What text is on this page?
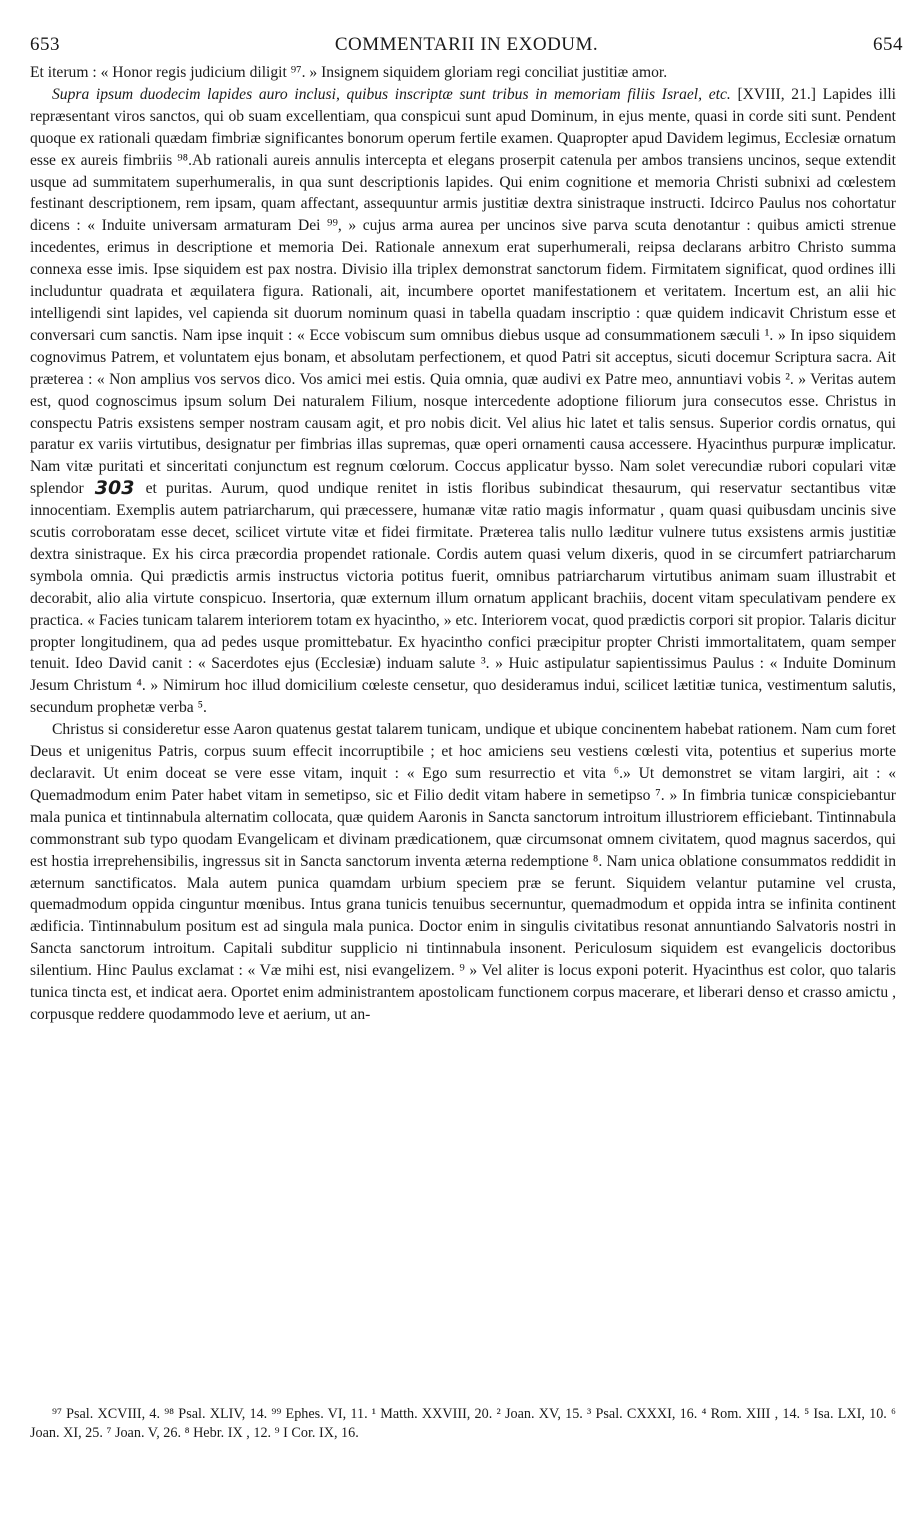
653	COMMENTARII IN EXODUM.	654

Et iterum : « Honor regis judicium diligit ⁹⁷. » Insignem siquidem gloriam regi conciliat justitiæ amor.

Supra ipsum duodecim lapides auro inclusi, quibus inscriptæ sunt tribus in memoriam filiis Israel, etc. [XVIII, 21.] Lapides illi repræsentant viros sanctos, qui ob suam excellentiam, qua conspicui sunt apud Dominum, in ejus mente, quasi in corde siti sunt. Pendent quoque ex rationali quædam fimbriæ significantes bonorum operum fertile examen. Quapropter apud Davidem legimus, Ecclesiæ ornatum esse ex aureis fimbriis ⁹⁸.Ab rationali aureis annulis intercepta et elegans proserpit catenula per ambos transiens uncinos, seque extendit usque ad summitatem superhumeralis, in qua sunt descriptionis lapides. Qui enim cognitione et memoria Christi subnixi ad cœlestem festinant descriptionem, rem ipsam, quam affectant, assequuntur armis justitiæ dextra sinistraque instructi. Idcirco Paulus nos cohortatur dicens : « Induite universam armaturam Dei ⁹⁹, » cujus arma aurea per uncinos sive parva scuta denotantur : quibus amicti strenue incedentes, erimus in descriptione et memoria Dei. Rationale annexum erat superhumerali, reipsa declarans arbitro Christo summa connexa esse imis. Ipse siquidem est pax nostra. Divisio illa triplex demonstrat sanctorum fidem. Firmitatem significat, quod ordines illi includuntur quadrata et æquilatera figura. Rationali, ait, incumbere oportet manifestationem et veritatem. Incertum est, an alii hic intelligendi sint lapides, vel capienda sit duorum nominum quasi in tabella quadam inscriptio : quæ quidem indicavit Christum esse et conversari cum sanctis. Nam ipse inquit : « Ecce vobiscum sum omnibus diebus usque ad consummationem sæculi ¹. » In ipso siquidem cognovimus Patrem, et voluntatem ejus bonam, et absolutam perfectionem, et quod Patri sit acceptus, sicuti docemur Scriptura sacra. Ait præterea : « Non amplius vos servos dico. Vos amici mei estis. Quia omnia, quæ audivi ex Patre meo, annuntiavi vobis ². » Veritas autem est, quod cognoscimus ipsum solum Dei naturalem Filium, nosque intercedente adoptione filiorum jura consecutos esse. Christus in conspectu Patris exsistens semper nostram causam agit, et pro nobis dicit. Vel alius hic latet et talis sensus. Superior cordis ornatus, qui paratur ex variis virtutibus, designatur per fimbrias illas supremas, quæ operi ornamenti causa accessere. Hyacinthus purpuræ implicatur. Nam vitæ puritati et sinceritati conjunctum est regnum cœlorum. Coccus applicatur bysso. Nam solet verecundiæ rubori copulari vitæ splendor 303 et puritas. Aurum, quod undique renitet in istis floribus subindicat thesaurum, qui reservatur sectantibus vitæ innocentiam. Exemplis autem patriarcharum, qui præcessere, humanæ vitæ ratio magis informatur , quam quasi quibusdam uncinis sive scutis corroboratam esse decet, scilicet virtute vitæ et fidei firmitate. Præterea talis nullo læditur vulnere tutus exsistens armis justitiæ dextra sinistraque. Ex his circa præcordia propendet rationale. Cordis autem quasi velum dixeris, quod in se circumfert patriarcharum symbola omnia. Qui prædictis armis instructus victoria potitus fuerit, omnibus patriarcharum virtutibus animam suam illustrabit et decorabit, alio alia virtute conspicuo. Insertoria, quæ externum illum ornatum applicant brachiis, docent vitam speculativam pendere ex practica. « Facies tunicam talarem interiorem totam ex hyacintho, » etc. Interiorem vocat, quod prædictis corpori sit propior. Talaris dicitur propter longitudinem, qua ad pedes usque promittebatur. Ex hyacintho confici præcipitur propter Christi immortalitatem, quam semper tenuit. Ideo David canit : « Sacerdotes ejus (Ecclesiæ) induam salute ³. » Huic astipulatur sapientissimus Paulus : « Induite Dominum Jesum Christum ⁴. » Nimirum hoc illud domicilium cœleste censetur, quo desideramus indui, scilicet lætitiæ tunica, vestimentum salutis, secundum prophetæ verba ⁵.

Christus si consideretur esse Aaron quatenus gestat talarem tunicam, undique et ubique concinentem habebat rationem. Nam cum foret Deus et unigenitus Patris, corpus suum effecit incorruptibile ; et hoc amiciens seu vestiens cœlesti vita, potentius et superius morte declaravit. Ut enim doceat se vere esse vitam, inquit : « Ego sum resurrectio et vita ⁶.» Ut demonstret se vitam largiri, ait : « Quemadmodum enim Pater habet vitam in semetipso, sic et Filio dedit vitam habere in semetipso ⁷. » In fimbria tunicæ conspiciebantur mala punica et tintinnabula alternatim collocata, quæ quidem Aaronis in Sancta sanctorum introitum illustriorem efficiebant. Tintinnabula commonstrant sub typo quodam Evangelicam et divinam prædicationem, quæ circumsonat omnem civitatem, quod magnus sacerdos, qui est hostia irreprehensibilis, ingressus sit in Sancta sanctorum inventa æterna redemptione ⁸. Nam unica oblatione consummatos reddidit in æternum sanctificatos. Mala autem punica quamdam urbium speciem præ se ferunt. Siquidem velantur putamine vel crusta, quemadmodum oppida cinguntur mœnibus. Intus grana tunicis tenuibus secernuntur, quemadmodum et oppida intra se infinita continent ædificia. Tintinnabulum positum est ad singula mala punica. Doctor enim in singulis civitatibus resonat annuntiando Salvatoris nostri in Sancta sanctorum introitum. Capitali subditur supplicio ni tintinnabula insonent. Periculosum siquidem est evangelicis doctoribus silentium. Hinc Paulus exclamat : « Væ mihi est, nisi evangelizem. ⁹ » Vel aliter is locus exponi poterit. Hyacinthus est color, quo talaris tunica tincta est, et indicat aera. Oportet enim administrantem apostolicam functionem corpus macerare, et liberari denso et crasso amictu , corpusque reddere quodammodo leve et aerium, ut an-

⁹⁷ Psal. XCVIII, 4. ⁹⁸ Psal. XLIV, 14. ⁹⁹ Ephes. VI, 11. ¹ Matth. XXVIII, 20. ² Joan. XV, 15. ³ Psal. CXXXI, 16. ⁴ Rom. XIII , 14. ⁵ Isa. LXI, 10. ⁶ Joan. XI, 25. ⁷ Joan. V, 26. ⁸ Hebr. IX , 12. ⁹ I Cor. IX, 16.
